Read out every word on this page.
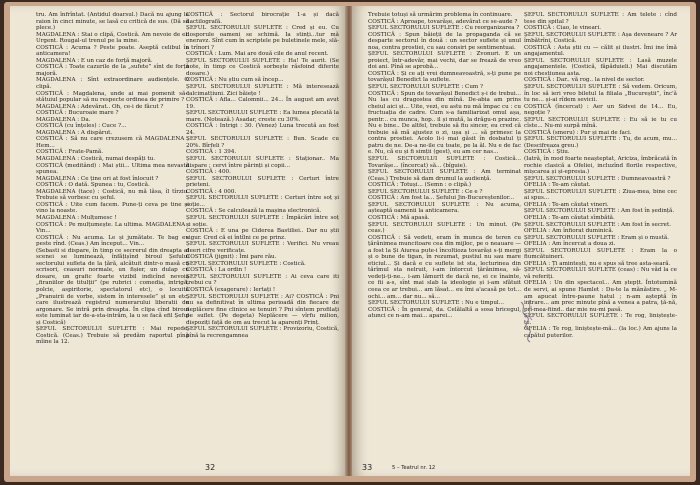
tru. Am înfrîntat. (Antidul doarsul.) Dacă nu ajung la raion în cinci minute, se lasă cu critică de sus. (Dă să plece.)

MAGDALENA : Stai o clipă, Costică. Am nevoie de el. Urgent. Rougal-ul trenul pe la mine.

COSTICĂ : Acuma ? Peste poate. Aseptă celibul în anticamera!

MAGDALENA : E un caz de forță majoră.

COSTICĂ : Toate cazurile de la „sufete” sînt de forță majoră.

MAGDALENA : Sînt extraordinare audiențele. O clipă.

COSTICĂ : Magdalena, unde ai mai pomenit să-l stătuiul popular să nu respecte ordinea de primire ?

MAGDALENA : Adevărat.. Oh, ce-i de făcut ?

COSTICĂ : Bucuroaie mare ?

MAGDALENA : Da.

COSTICĂ (cu înțeles) : Cuce ?...

MAGDALENA : A dispărut.

COSTICĂ : Să nu care crezusem că MAGDALENA : Hem...

COSTICĂ : Frate-Pamă.

MAGDALENA : Costică, numai despăți tu.

COSTICĂ (meditând) : Mai știi... Ultima mea nevastă spunea.

MAGDALENA : Ce ține ori at fost înlocuit ?

COSTICĂ : O dată. Spunea : tu, Costică.

MAGDALENA (tace) : Costică, nu mă lăsa, îl tîrziu. Trebuie să vorbesc cu șeful.

COSTICĂ : Uite cum facem. Pune-ți ceva pe tine și vino la noaste.

MAGDALENA : Mulțumesc !

COSTICĂ : Pe mulțumește. La ultima. MAGDALENA : Vin...

COSTICĂ : Nu acuma. Le și jumătate. Te bag eu peste rînd. (Ceas.) Am început... Vin...

(Sebasti si dispare, în timp ce secrerul din dreapta al scenei se luminează, înfățișînd biroul Șefului sectorului sufleta de la țără, alcătuit dintr-o masă cu scrisori, ceasuri normale, un fișier, un dulap cu dosare, un grafic foarte vizibil indicînd nevoia „firaniilor de titulții” (pe rubrici : comedia, intrigă, polcie, aspiritorie, spectatorul etc), o locuită „Pranuirii de vorbe, sistem în interesele” și un etc. care ilustrează registrul numerarului liberatii de argonare. Se intră prin dreapta. În clipa cînd biroul este luminat iar de-a-sta-intrăm, la u se facă efil Șeful și Costică)

ȘEFUL SECTORULUI SUFLETE : Mai repede, Costică. (Ceas.) Trebuie să predăm raportul pînă mîine la 12.

COSTICĂ : Sectorul birocrație 1-a și dacă dactilografă.

ȘEFUL SECTORULUI SUFLETE : Cred și eu. Cu dosporule oameni se schimă. Ia stinți...tur mă eneravz. Sînt cum în scriptele pe buletinele mele, slă-a trînori ?

COSTICĂ : Lum. Mai are două cile de anul recent.

ȘEFUL SECTORULUI SUFLETE : Ha! Te aurit. (Se note, în timp ce Costică sorbește răsfoind diferite dosare.)

COSTICĂ : Nu știu cum să încep...

ȘEFUL SECTORULUI SUFLETE : Mă interesează calcimattiuni. Zici băiețe !

COSTICĂ : Afla... Calomnii... 24... În august am avut 19.

ȘEFUL SECTORULUI SUFLETE : Ea lumea plecată la mare. (Notează.) Asadar, creste cu 30%.

COSTICĂ : Intrigi : 30. (Venez) Luna trecută au fost 24.

ȘEFUL SECTORULUI SUFLETE : Bun. Scade cu 20%. Bîrfeli ?

COSTICĂ : 1 394.

ȘEFUL SECTORULUI SUFLETE : Staționar.. Ma dispare ; cervi între părinți și copii...

COSTICĂ : 400.

ȘEFUL SECTORULUI SUFLETE : Certuri între prieteni.

COSTICĂ : 4 000.

ȘEFUL SECTORULUI SUFLETE : Certuri între soț și soție...

COSTICĂ : Se calculează la mașina electronică.

ȘEFUL SECTORULUI SUFLETE : Împăcări între soț și soție.

COSTICĂ : E una pe Ciderea Bastiliei.. Dar nu știi sigur. Cred că ei întîlni ce pe prinz.

ȘEFUL SECTORULUI SUFLETE : Verifici. Nu vreau deeri cifre verificate.

COSTICĂ (jignit) : Îmi pare rău.

ȘEFUL SECTORULUI SUFLETE : Costică.

COSTICĂ : La ordin !

ȘEFUL SECTORULUI SUFLETE : Ai ceva care iti trebui cu ?

COSTICĂ (exagerare) : Iertați !

ȘEFUL SECTORULUI SUFLETE : Ai? COSTICĂ : Pni nu sa definitivat în ultima perioadă din fiecare de neplăcere fine clinice se tenuiri ? Pni sîntem profilați pe suflet. (Pe degeta) Neplăcere — vîrfu milion, dispoziți față de om au trecut la aparenți Prinț.

ȘEFUL SECTORULUI SUFLETE : Provizoriu, Costică, pînă la recrengamnea

32

Trebuie totuși să urmărim problema în continuare.

COSTICĂ : Aproape, tovarășe, adevărat ce se-aude ?

ȘEFUL SECTORULUI SUFLETE : Cu reorganizarea ?

COSTICĂ : Spun băieții de la propaganda că se desparte sectorul în două : un sector suflete și unul noa, contra prostiei, cu sau consiri pe sentimentuai.

ȘEFUL SECTORULUI SUFLETE : Zvonuri. E un proiect, într-adevăr, mai vechi, dar se frează de vreo doi ani. Pînă se aprobă...

COSTICĂ : Și ce ați vrei dumneavoastră, s-ți pune pe tovarășul Benedict la suflete.

ȘEFUL SECTORULUI SUFLETE : Cum ?

COSTICĂ : Spun de tovarășul Benedict ș-i de trebui... Nu las cu dragostea din mînă. De-abia am prins cheiul aici și... Uite, vezi, eu astu nu mă împac cu : cu fructuația de cadre. Cum s-a familiarizat omul așa, pentr... cu munca, hop.. il și mută, la drăgu-n prazinc. Nu e bine.. De altfel, trebuie să fiu sincer, eu cred că trebuie să mă ajustez o zi, ușa și ... să primesc la contra prostiei. Acolo li-i mai găsit în dosbatul ți patru de ne. De-a ne-ile cu toate, pe la ăl. Nu e de fac e. Nu, că eu și fi simții (gest), eu am cer nas...

ȘEFUL SECTORULUI SUFLETE : Costică... Tovarășe... (încercat) să... (bîguie).

ȘEFUL SECTORULUI SUFLETE : Am terminat (Ceas.) Trebuie să dam drumul la audiență.

COSTICĂ : Totuși... (Semn : o clipă.)

ȘEFUL SECTORULUI SUFLETE : Ce e ?

COSTICĂ : Am fost la... Șefului Jin-Bucureștenilor...

ȘEFUL SECTORULUI SUFLETE : Nu acuma, așteaptă oamenii la anticamera.

COSTICĂ : Mă apasă.

ȘEFUL SECTORULUI SUFLETE : Un minut. (Pe ceas.)

COSTICĂ : Să vedeti, eram în munca de teren cu țărănimea muncitoare cea din mijloc, pe o neauare — a fost la Și Aiurea pute-i încoltioza tovarăși s-ți mergi și o bune de tigan, în rezumat, pustiul nu sau mare eticiul... Și dacă e cu suflete ist sta, lecturinea din tărîmul sta nelruit, i-am întorcut țărănimea, să-vedeți-ți-ne... i-am lămurit de dacă ne, ei ce înainte, ce fii a-s, sînt mai slab la ideologie și i-am sfătuit ceea ce ar trebui... am lăsat... eu îmi a'acasă pe tot... ochi... am... dar nu... să...

ȘEFUL SECTORULUI SUFLETE : Nu e timpul...

COSTICĂ : În general, da. Celălaltă a sosa bricegul, atunci ce n-am mai... aparei...

ȘEFUL SECTORULUI SUFLETE : Am telete : cînd tese din spital ?

COSTICĂ : Ciao, le vineari.

ȘEFUL SECTORULUI SUFLETE : Așa deveneare ? Ar îmbătrîni, Costică.

COSTICĂ : Asta știi cu — călit și ilustri. Îmi ine îmă angajamentul.

ȘEFUL SECTORULUI SUFLETE : Lasă muzele angajamentele. (Costică, făpăduieli.) Mai discutăm noi chestiunea asta.

COSTICĂ : Dar.. vă rog.. la nivel de sector.

ȘEFUL SECTORULUI SUFLETE : Să vedem. Oricum, în loc să ieri vreo biletul la filiala „Bucureștii”, înc'ă tu ne... și-ai rîdem sevicii.

COSTICĂ (încercat) : Aer un Sidvei de 14... Eu, negoție ?

ȘEFUL SECTORULUI SUFLETE : Eu să ie tu cu cîste... Nu-mi surpă mînă.

COSTICĂ (smeru) : Pur și mai de faci.

ȘEFUL SECTORULUI SUFLETE : Tu, de acum, mu... (Descifreaza greu.)

COSTICĂ : Știu.

(Iatră, în mod foarte neașteptat, Ariciza, îmbrăcată în rochie clasică a Ofeliei, incluzînd florile respective, mișcarea și și-epresia.)

ȘEFUL SECTORULUI SUFLETE : Dumneavoastră ?

OFELIA : Te-am căutat.

ȘEFUL SECTORULUI SUFLETE : Ziua-mea, bine cec ai spus...

OFELIA : Te-am căutat vineri.

ȘEFUL SECTORULUI SUFLETE : Am fost în ședință.

OFELIA : Te-am căutat sîmbătă.

ȘEFUL SECTORULUI SUFLETE : Am fost în secret.

OFELIA : Am înfiorat duminică.

ȘEFUL SECTORULUI SUFLETE : Eram și o mustă.

OFELIA : Am încercat a doua zi.

ȘEFUL SECTORULUI SUFLETE : Eram la o fiumcătuineri.

OFELIA : Ți amintești, nu e spus să tree asta-seară.

ȘEFUL SECTORULUI SUFLETE (ceas) : Nu văd la ce vă referiți.

OFELIA : Un din spectacol... Am ștepțt. Întotumină de servi, ai spune Hamlet : Du-te la mănăstire. „ M-am apucat între-paune hatul ; n-am așteptă în intrare... am prec minute pînă a venea a patra, ță-nă, prî-mea-fiind.. dar mie nu-mi pasă.

ȘEFUL SECTORULUI SUFLETE : Te rog, liniștește-te.

OFELIA : Te rog, liniștește-mă... (la loc.) Am ajuns la capătul puterilor.

5 – Teatrul nr. 12
33
